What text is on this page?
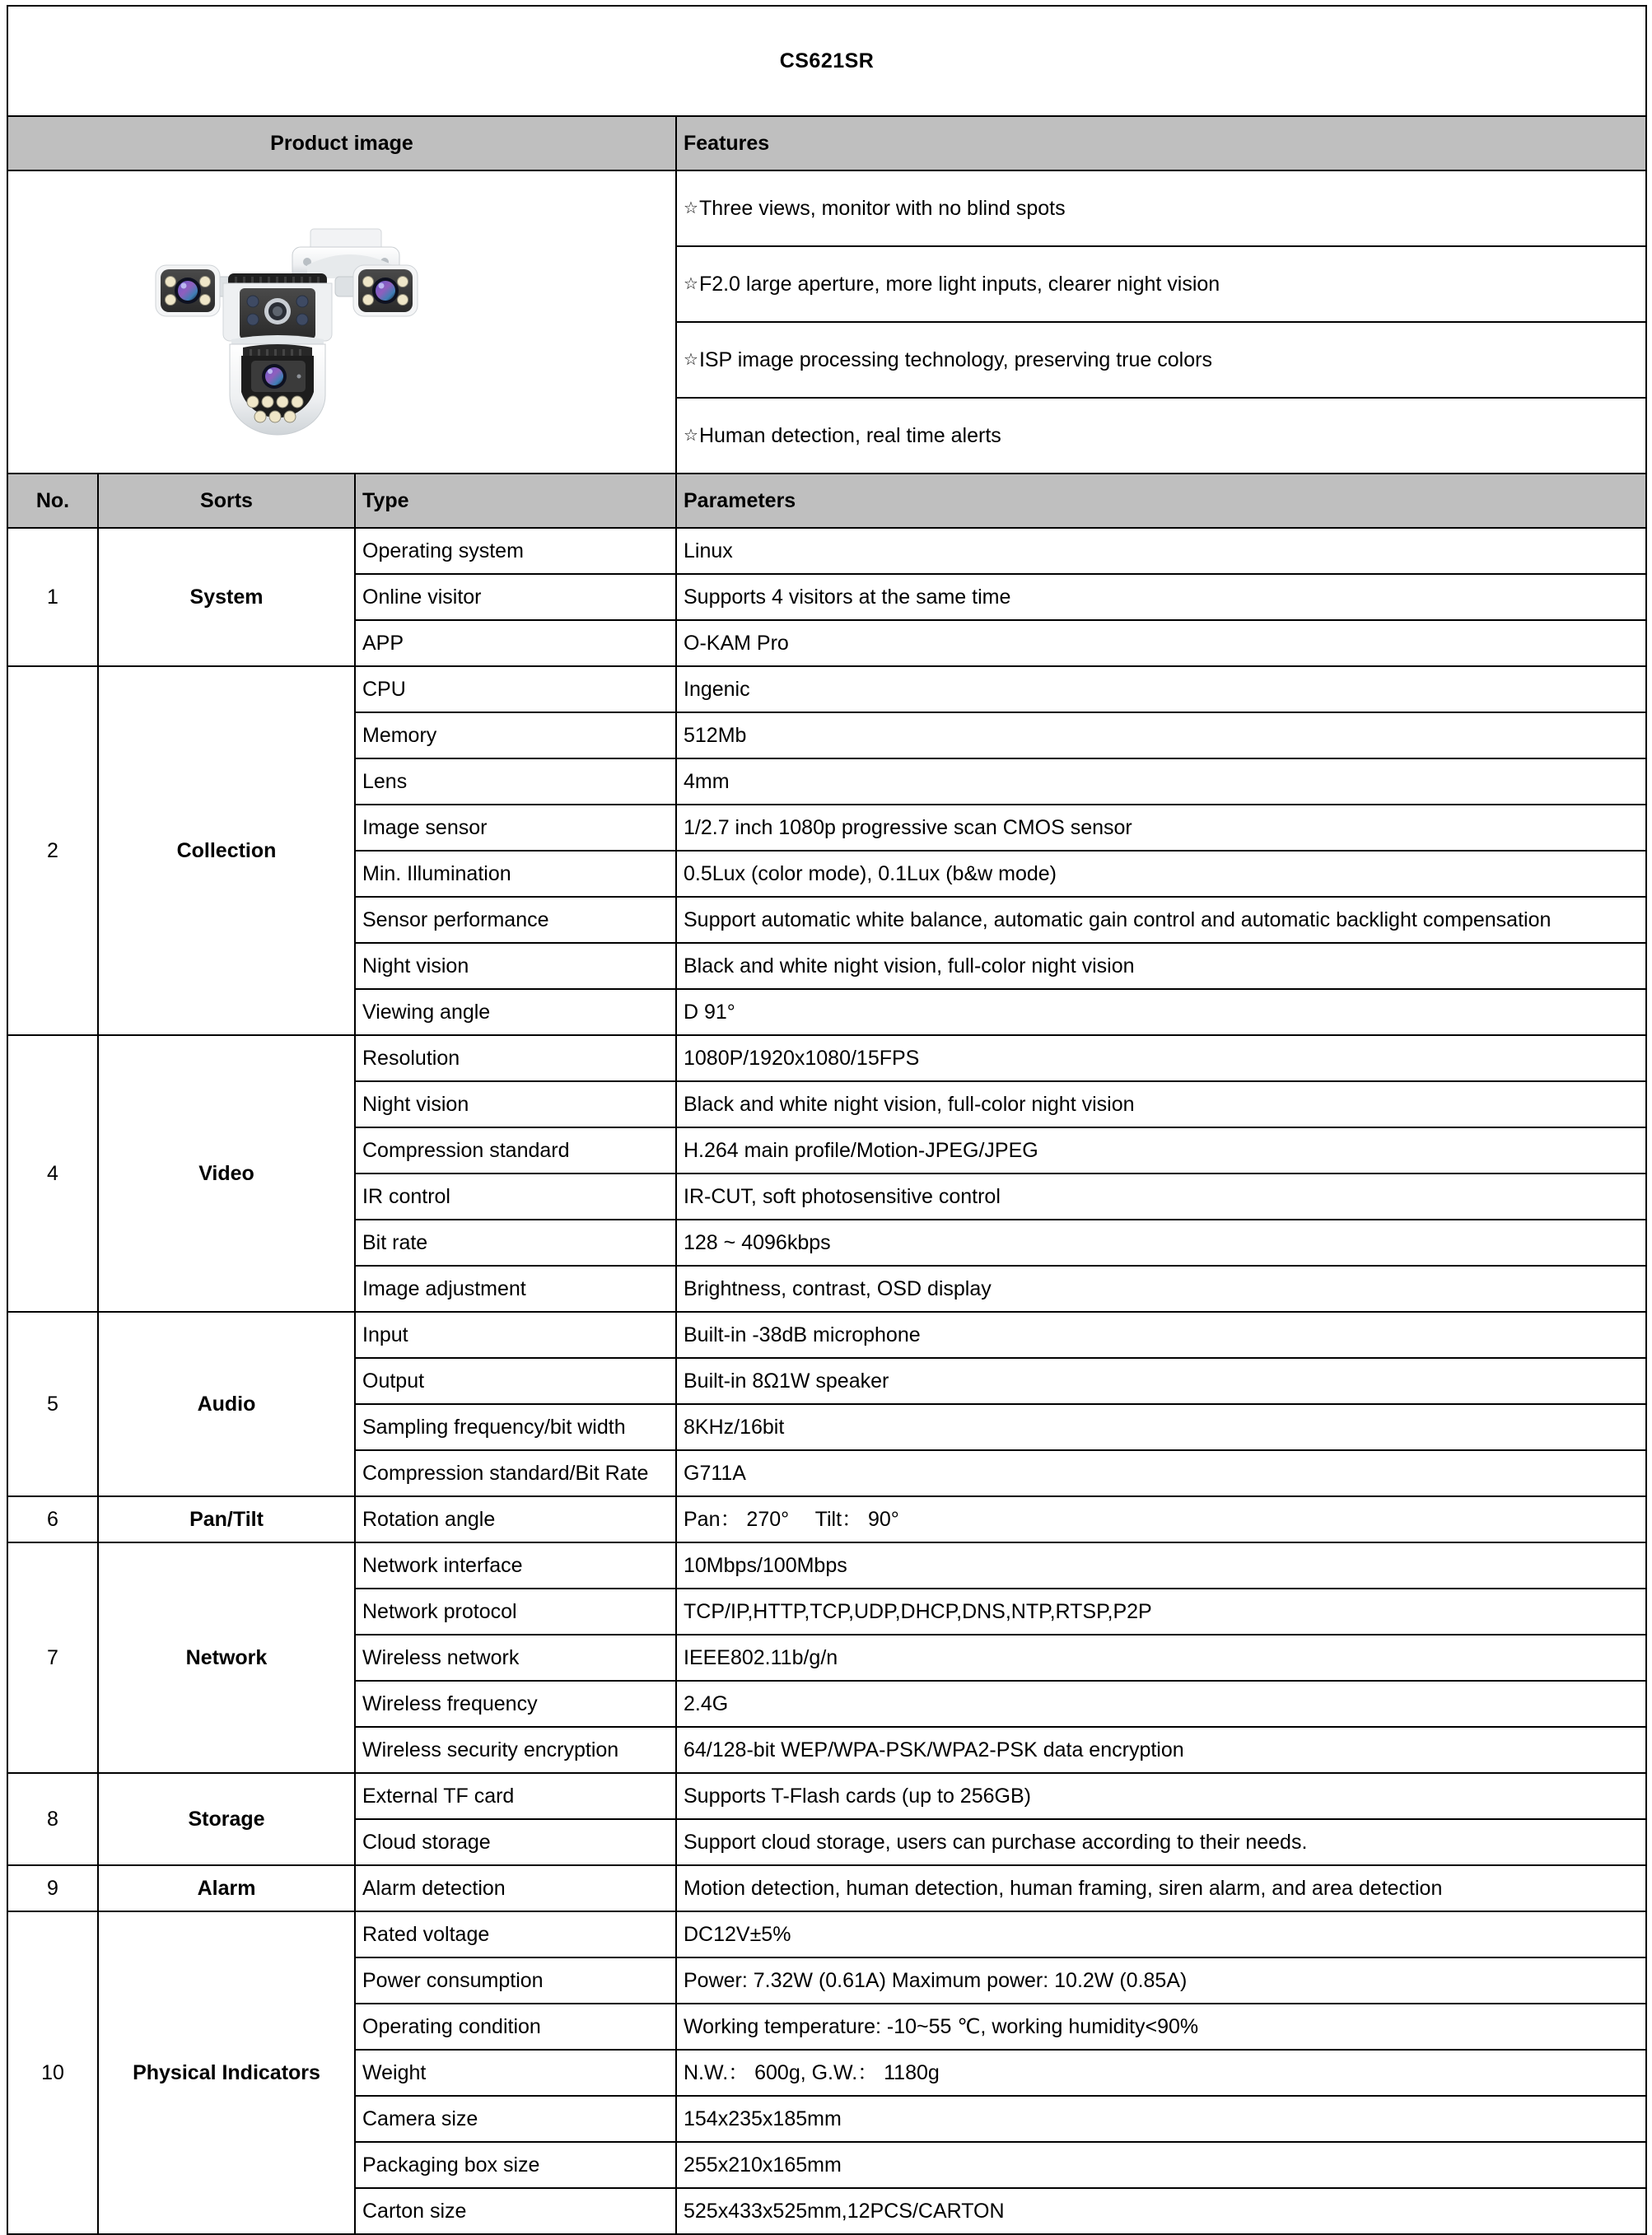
CS621SR			
Product image			Features

	☆Three views, monitor with no blind spots
			☆F2.0 large aperture, more light inputs, clearer night vision
			☆ISP image processing technology, preserving true colors
			☆Human detection, real time alerts
No.	Sorts	Type	Parameters
1	System	Operating system	Linux
		Online visitor	Supports 4 visitors at the same time
		APP	O-KAM Pro
2	Collection	CPU	Ingenic
		Memory	512Mb
		Lens	4mm
		Image sensor	1/2.7 inch 1080p progressive scan CMOS sensor
		Min. Illumination	0.5Lux (color mode), 0.1Lux (b&w mode)
		Sensor performance	Support automatic white balance, automatic gain control and automatic backlight compensation
		Night vision	Black and white night vision, full-color night vision
		Viewing angle	D 91°
4	Video	Resolution	1080P/1920x1080/15FPS
		Night vision	Black and white night vision, full-color night vision
		Compression standard	H.264 main profile/Motion-JPEG/JPEG
		IR control	IR-CUT, soft photosensitive control
		Bit rate	128 ~ 4096kbps
		Image adjustment	Brightness, contrast, OSD display
5	Audio	Input	Built-in -38dB microphone
		Output	Built-in 8Ω1W speaker
		Sampling frequency/bit width	8KHz/16bit
		Compression standard/Bit Rate	G711A
6	Pan/Tilt	Rotation angle	Pan： 270°　 Tilt： 90°
7	Network	Network interface	10Mbps/100Mbps
		Network protocol	TCP/IP,HTTP,TCP,UDP,DHCP,DNS,NTP,RTSP,P2P
		Wireless network	IEEE802.11b/g/n
		Wireless frequency	2.4G
		Wireless security encryption	64/128-bit WEP/WPA-PSK/WPA2-PSK data encryption
8	Storage	External TF card	Supports T-Flash cards (up to 256GB)
		Cloud storage	Support cloud storage, users can purchase according to their needs.
9	Alarm	Alarm detection	Motion detection, human detection, human framing, siren alarm, and area detection
10	Physical Indicators	Rated voltage	DC12V±5%
		Power consumption	Power: 7.32W (0.61A) Maximum power: 10.2W (0.85A)
		Operating condition	Working temperature: -10~55 ℃, working humidity<90%
		Weight	N.W.： 600g, G.W.： 1180g
		Camera size	154x235x185mm
		Packaging box size	255x210x165mm
		Carton size	525x433x525mm,12PCS/CARTON
